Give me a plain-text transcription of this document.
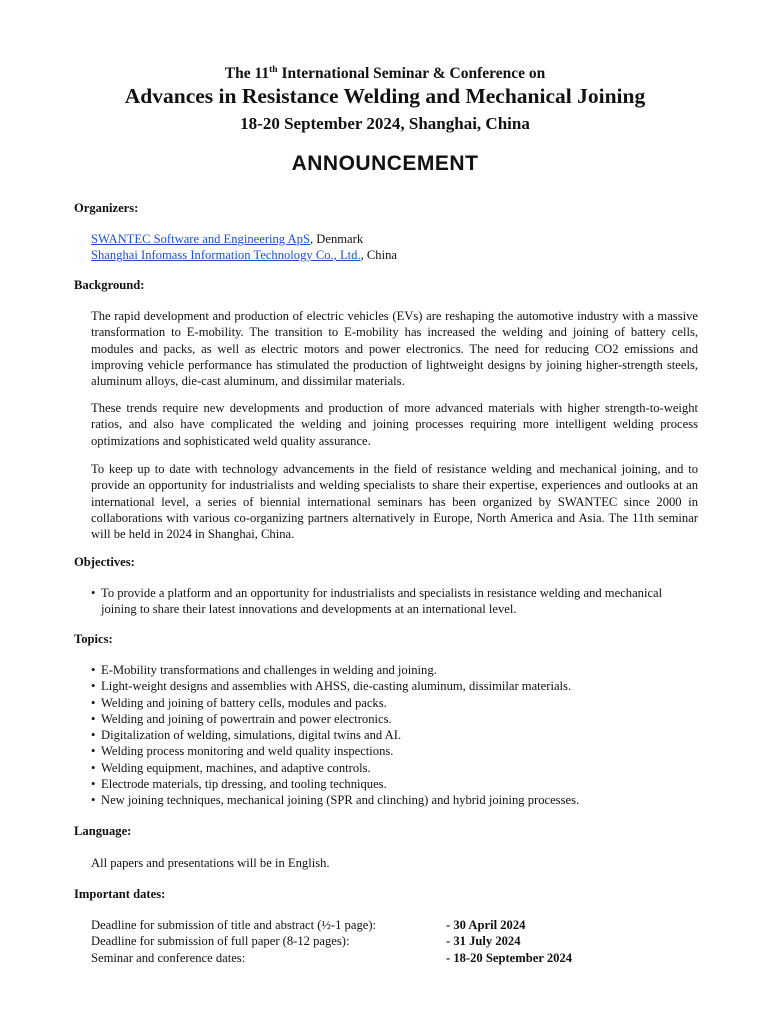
The 11th International Seminar & Conference on
Advances in Resistance Welding and Mechanical Joining
18-20 September 2024, Shanghai, China
ANNOUNCEMENT
Organizers:
SWANTEC Software and Engineering ApS, Denmark
Shanghai Infomass Information Technology Co., Ltd., China
Background:
The rapid development and production of electric vehicles (EVs) are reshaping the automotive industry with a massive transformation to E-mobility. The transition to E-mobility has increased the welding and joining of battery cells, modules and packs, as well as electric motors and power electronics. The need for reducing CO2 emissions and improving vehicle performance has stimulated the production of lightweight designs by joining higher-strength steels, aluminum alloys, die-cast aluminum, and dissimilar materials.
These trends require new developments and production of more advanced materials with higher strength-to-weight ratios, and also have complicated the welding and joining processes requiring more intelligent welding process optimizations and sophisticated weld quality assurance.
To keep up to date with technology advancements in the field of resistance welding and mechanical joining, and to provide an opportunity for industrialists and welding specialists to share their expertise, experiences and outlooks at an international level, a series of biennial international seminars has been organized by SWANTEC since 2000 in collaborations with various co-organizing partners alternatively in Europe, North America and Asia. The 11th seminar will be held in 2024 in Shanghai, China.
Objectives:
• To provide a platform and an opportunity for industrialists and specialists in resistance welding and mechanical joining to share their latest innovations and developments at an international level.
Topics:
• E-Mobility transformations and challenges in welding and joining.
• Light-weight designs and assemblies with AHSS, die-casting aluminum, dissimilar materials.
• Welding and joining of battery cells, modules and packs.
• Welding and joining of powertrain and power electronics.
• Digitalization of welding, simulations, digital twins and AI.
• Welding process monitoring and weld quality inspections.
• Welding equipment, machines, and adaptive controls.
• Electrode materials, tip dressing, and tooling techniques.
• New joining techniques, mechanical joining (SPR and clinching) and hybrid joining processes.
Language:
All papers and presentations will be in English.
Important dates:
Deadline for submission of title and abstract (½-1 page):	- 30 April 2024
Deadline for submission of full paper (8-12 pages):	- 31 July 2024
Seminar and conference dates:	- 18-20 September 2024
